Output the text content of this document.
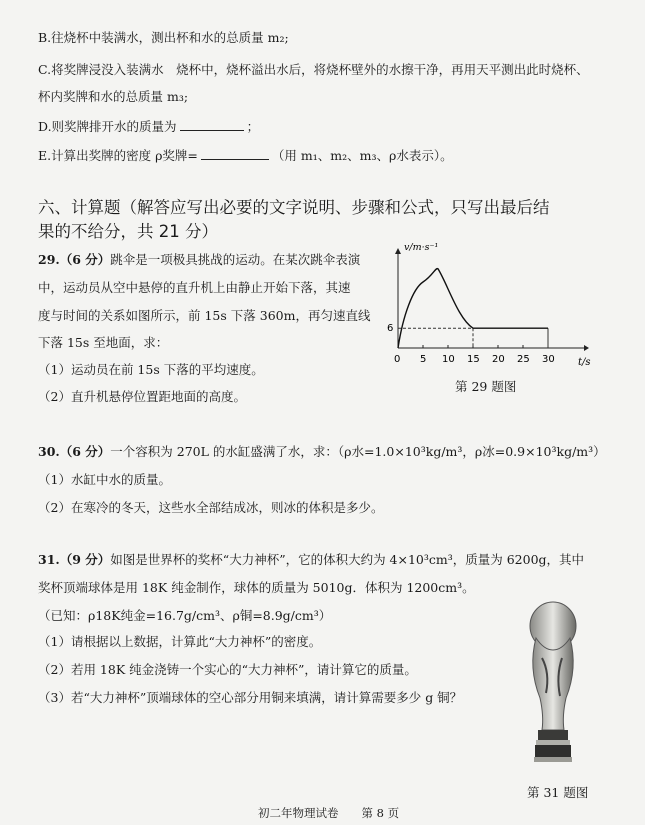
B.往烧杯中装满水，测出杯和水的总质量 m₂;
C.将奖牌浸没入装满水　烧杯中，烧杯溢出水后，将烧杯壁外的水擦干净，再用天平测出此时烧杯、
杯内奖牌和水的总质量 m₃;
D.则奖牌排开水的质量为	；
E.计算出奖牌的密度 ρ奖牌=	（用 m₁、m₂、m₃、ρ水表示）。
六、计算题（解答应写出必要的文字说明、步骤和公式，只写出最后结
果的不给分，共 21 分）
29.（6 分）跳伞是一项极具挑战的运动。在某次跳伞表演
中，运动员从空中悬停的直升机上由静止开始下落，其速
度与时间的关系如图所示，前 15s 下落 360m，再匀速直线
下落 15s 至地面，求：
（1）运动员在前 15s 下落的平均速度。
（2）直升机悬停位置距地面的高度。
v/m·s⁻¹
t/s
0 5 10 15 20 25 30
6
第 29 题图
30.（6 分）一个容积为 270L 的水缸盛满了水，求：（ρ水=1.0×10³kg/m³，ρ冰=0.9×10³kg/m³）
（1）水缸中水的质量。
（2）在寒冷的冬天，这些水全部结成冰，则冰的体积是多少。
31.（9 分）如图是世界杯的奖杯“大力神杯”，它的体积大约为 4×10³cm³，质量为 6200g，其中
奖杯顶端球体是用 18K 纯金制作，球体的质量为 5010g．体积为 1200cm³。
（已知：ρ18K纯金=16.7g/cm³、ρ铜=8.9g/cm³）
（1）请根据以上数据，计算此“大力神杯”的密度。
（2）若用 18K 纯金浇铸一个实心的“大力神杯”，请计算它的质量。
（3）若“大力神杯”顶端球体的空心部分用铜来填满，请计算需要多少 g 铜？
第 31 题图
初二年物理试卷　　第 8 页
